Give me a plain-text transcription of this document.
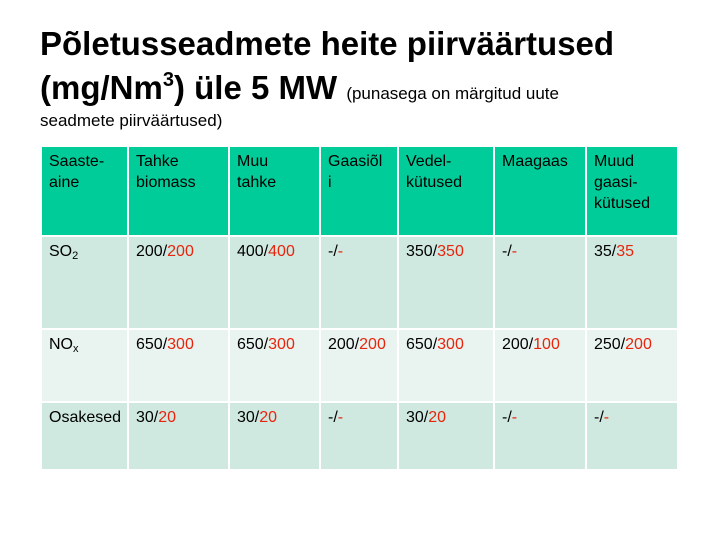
Põletusseadmete heite piirväärtused
(mg/Nm$^3$) üle 5 MW (punasega on märgitud uute
seadmete piirväärtused)
Saaste-aine	Tahke biomass	Muu tahke	Gaasiõl i	Vedel-kütused	Maagaas	Muud gaasi-kütused
$SO_2$	200/200	400/400	-/-	350/350	-/-	35/35
$NO_x$	650/300	650/300	200/200	650/300	200/100	250/200
Osakesed	30/20	30/20	-/-	30/20	-/-	-/-
